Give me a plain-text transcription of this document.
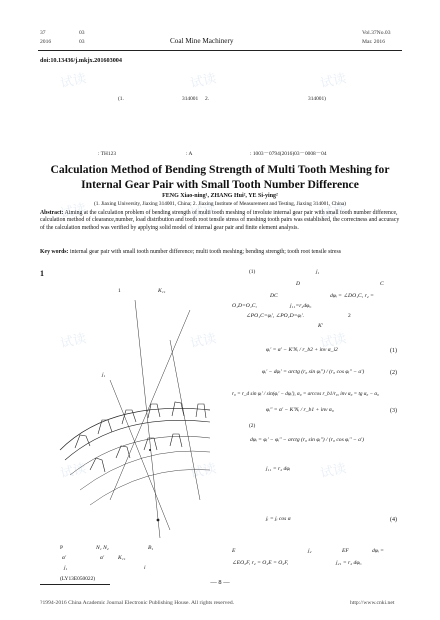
37	03
2016	03	Coal Mine Machinery
Vol.37No.03
Mar. 2016
doi:10.13436/j.mkjx.201603004
(1.	314001 2.	314001)
: TH123	: A	: 1003－0794(2016)03－0008－04
Calculation Method of Bending Strength of Multi Tooth Meshing for
Internal Gear Pair with Small Tooth Number Difference
FENG Xiao-ning¹, ZHANG Hui², YE Si-ying²
(1. Jiaxing University, Jiaxing 314001, China; 2. Jiaxing Institute of Measurement and Testing, Jiaxing 314001, China)
Abstract: Aiming at the calculation problem of bending strength of multi tooth meshing of involute internal gear pair with small tooth number difference, calculation method of clearance,number, load distribution and tooth root tensile stress of meshing tooth pairs was established, the correctness and accuracy of the calculation method was verified by applying solid model of internal gear pair and finite element analysis.
Key words: internal gear pair with small tooth number difference; multi tooth meshing; bending strength; tooth root tensile stress
1
1	K₁₁
j₁
P	N₁ N₂	B₁
α'	α' K₁₁
j₁	i
(LY13E050022)
(1)	j₁
D	C
DC	dφᵢ = ∠DO₁C, r₂ =
O₁D=O₁C,	j₁₁=r₂dφᵢ,
∠PO₁C=φᵢ', ∠PO₁D=φᵢ'.	2
K'
φᵢ' = α' − K'Nᵢ / r_b2 + inv α_i2	(1)
φᵢ' − dφᵢ' = arctg (r₀ sin φᵢ'') / (r₀ cos φᵢ'' − a')	(2)
r₀ = r_d sin φᵢ' / sin(φᵢ' − dφᵢ'), α₀ = arccos r_b1/r₀, inv α₀ = tg α₀ − α₀
φᵢ'' = α' − K'Nᵢ / r_b1 + inv α₀	(3)
(2)
dφᵢ = φᵢ' − φᵢ'' − arctg (r₀ sin φᵢ'') / (r₀ cos φᵢ'' − a')
j₁₁ = r₂ dφᵢ
jᵢ = jᵢ cos α	(4)
E	j₂	EF	dφᵢ =
∠EO₂F, r₂ = O₂E = O₂F,	j₂₁ = r₂ dφᵢ,
— 8 —
?1994-2016 China Academic Journal Electronic Publishing House. All rights reserved.	http://www.cnki.net
试读	试读	试读
试读	试读	试读
试读	试读	试读
试读	试读	试读
